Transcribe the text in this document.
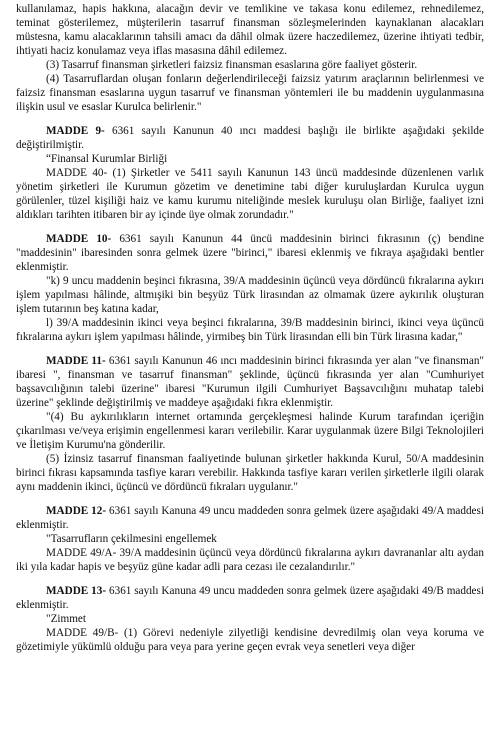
kullanılamaz, hapis hakkına, alacağın devir ve temlikine ve takasa konu edilemez, rehnedilemez, teminat gösterilemez, müşterilerin tasarruf finansman sözleşmelerinden kaynaklanan alacakları müstesna, kamu alacaklarının tahsili amacı da dâhil olmak üzere haczedilemez, üzerine ihtiyati tedbir, ihtiyati haciz konulamaz veya iflas masasına dâhil edilemez.

(3) Tasarruf finansman şirketleri faizsiz finansman esaslarına göre faaliyet gösterir.

(4) Tasarruflardan oluşan fonların değerlendirileceği faizsiz yatırım araçlarının belirlenmesi ve faizsiz finansman esaslarına uygun tasarruf ve finansman yöntemleri ile bu maddenin uygulanmasına ilişkin usul ve esaslar Kurulca belirlenir."

MADDE 9- 6361 sayılı Kanunun 40 ıncı maddesi başlığı ile birlikte aşağıdaki şekilde değiştirilmiştir.

“Finansal Kurumlar Birliği

MADDE 40- (1) Şirketler ve 5411 sayılı Kanunun 143 üncü maddesinde düzenlenen varlık yönetim şirketleri ile Kurumun gözetim ve denetimine tabi diğer kuruluşlardan Kurulca uygun görülenler, tüzel kişiliği haiz ve kamu kurumu niteliğinde meslek kuruluşu olan Birliğe, faaliyet izni aldıkları tarihten itibaren bir ay içinde üye olmak zorundadır."

MADDE 10- 6361 sayılı Kanunun 44 üncü maddesinin birinci fıkrasının (ç) bendine "maddesinin" ibaresinden sonra gelmek üzere "birinci," ibaresi eklenmiş ve fıkraya aşağıdaki bentler eklenmiştir.

"k) 9 uncu maddenin beşinci fıkrasına, 39/A maddesinin üçüncü veya dördüncü fıkralarına aykırı işlem yapılması hâlinde, altmışiki bin beşyüz Türk lirasından az olmamak üzere aykırılık oluşturan işlem tutarının beş katına kadar,

l) 39/A maddesinin ikinci veya beşinci fıkralarına, 39/B maddesinin birinci, ikinci veya üçüncü fıkralarına aykırı işlem yapılması hâlinde, yirmibeş bin Türk lirasından elli bin Türk lirasına kadar,"

MADDE 11- 6361 sayılı Kanunun 46 ıncı maddesinin birinci fıkrasında yer alan "ve finansman" ibaresi ", finansman ve tasarruf finansman" şeklinde, üçüncü fıkrasında yer alan "Cumhuriyet başsavcılığının talebi üzerine" ibaresi "Kurumun ilgili Cumhuriyet Başsavcılığını muhatap talebi üzerine" şeklinde değiştirilmiş ve maddeye aşağıdaki fıkra eklenmiştir.

"(4) Bu aykırılıkların internet ortamında gerçekleşmesi halinde Kurum tarafından içeriğin çıkarılması ve/veya erişimin engellenmesi kararı verilebilir. Karar uygulanmak üzere Bilgi Teknolojileri ve İletişim Kurumu'na gönderilir.

(5) İzinsiz tasarruf finansman faaliyetinde bulunan şirketler hakkında Kurul, 50/A maddesinin birinci fıkrası kapsamında tasfiye kararı verebilir. Hakkında tasfiye kararı verilen şirketlerle ilgili olarak aynı maddenin ikinci, üçüncü ve dördüncü fıkraları uygulanır."

MADDE 12- 6361 sayılı Kanuna 49 uncu maddeden sonra gelmek üzere aşağıdaki 49/A maddesi eklenmiştir.

"Tasarrufların çekilmesini engellemek

MADDE 49/A- 39/A maddesinin üçüncü veya dördüncü fıkralarına aykırı davrananlar altı aydan iki yıla kadar hapis ve beşyüz güne kadar adli para cezası ile cezalandırılır."

MADDE 13- 6361 sayılı Kanuna 49 uncu maddeden sonra gelmek üzere aşağıdaki 49/B maddesi eklenmiştir.

"Zimmet

MADDE 49/B- (1) Görevi nedeniyle zilyetliği kendisine devredilmiş olan veya koruma ve gözetimiyle yükümlü olduğu para veya para yerine geçen evrak veya senetleri veya diğer
